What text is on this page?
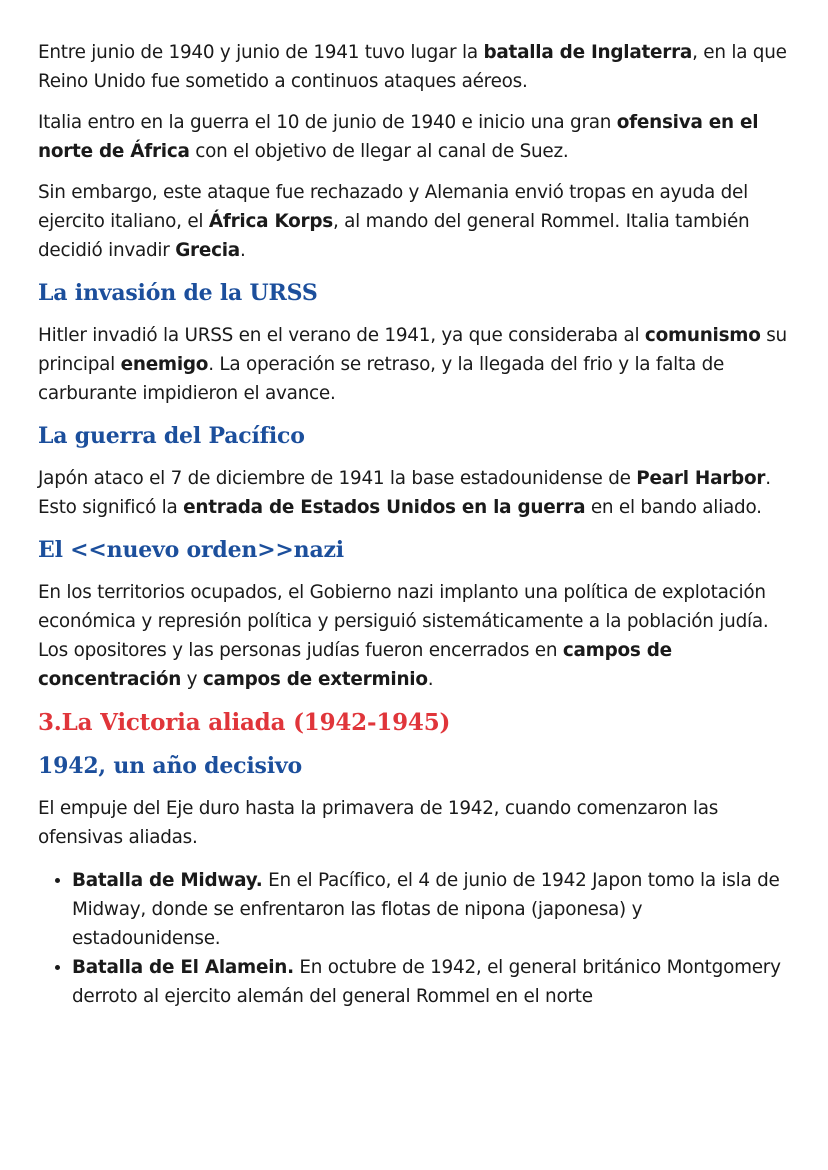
Entre junio de 1940 y junio de 1941 tuvo lugar la batalla de Inglaterra, en la que Reino Unido fue sometido a continuos ataques aéreos.

Italia entro en la guerra el 10 de junio de 1940 e inicio una gran ofensiva en el norte de África con el objetivo de llegar al canal de Suez.

Sin embargo, este ataque fue rechazado y Alemania envió tropas en ayuda del ejercito italiano, el África Korps, al mando del general Rommel. Italia también decidió invadir Grecia.

La invasión de la URSS

Hitler invadió la URSS en el verano de 1941, ya que consideraba al comunismo su principal enemigo. La operación se retraso, y la llegada del frio y la falta de carburante impidieron el avance.

La guerra del Pacífico

Japón ataco el 7 de diciembre de 1941 la base estadounidense de Pearl Harbor. Esto significó la entrada de Estados Unidos en la guerra en el bando aliado.

El <<nuevo orden>>nazi

En los territorios ocupados, el Gobierno nazi implanto una política de explotación económica y represión política y persiguió sistemáticamente a la población judía. Los opositores y las personas judías fueron encerrados en campos de concentración y campos de exterminio.

3.La Victoria aliada (1942-1945)
1942, un año decisivo

El empuje del Eje duro hasta la primavera de 1942, cuando comenzaron las ofensivas aliadas.

• Batalla de Midway. En el Pacífico, el 4 de junio de 1942 Japon tomo la isla de Midway, donde se enfrentaron las flotas de nipona (japonesa) y estadounidense.
• Batalla de El Alamein. En octubre de 1942, el general británico Montgomery derroto al ejercito alemán del general Rommel en el norte
